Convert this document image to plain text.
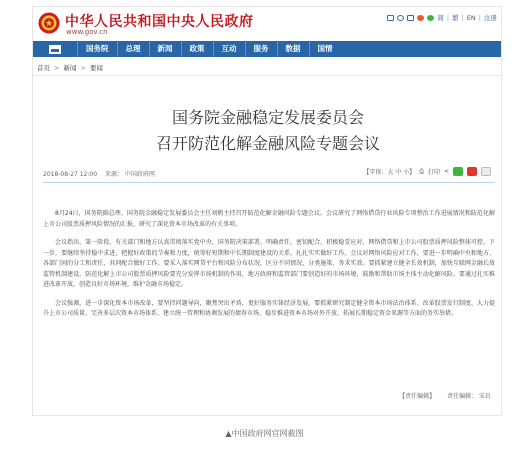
中华人民共和国中央人民政府
www.gov.cn
简 | 繁 | EN | 注册
国务院	总理	新闻	政策	互动	服务	数据	国情
首页 > 新闻 > 要闻
国务院金融稳定发展委员会
召开防范化解金融风险专题会议
2018-08-27 12:00 来源： 中国政府网	【字体：大 中 小】 ⎙ 打印 <

8月24日，国务院副总理、国务院金融稳定发展委员会主任刘鹤主持召开防范化解金融风险专题会议。会议研究了网络借贷行业风险专项整治工作进展情况和防范化解上市公司股票质押风险情况的汇报，研究了深化资本市场改革的有关事项。

会议指出，第一阶段，有关部门和地方认真贯彻落实党中央、国务院决策部署，明确责任，密切配合，积极稳妥应对，网络借贷和上市公司股票质押风险整体可控。下一步，要继续坚持稳中求进，把握好政策的节奏和力度，统筹好短期和中长期制度建设的关系，扎扎实实做好工作。会议对网络风险应对工作，要进一步明确中央和地方、各部门间的分工和责任，共同配合做好工作。要采入落实网贷平台和风险分布状况，区分不同情况，分类施策，务求实效。要抓紧建立健全长效机制，加快互联网金融长效监管机制建设。防范化解上市公司股票质押风险要充分发挥市场机制的作用，地方政府和监管部门要创造好的市场环境，鼓励和帮助市场主体主动化解风险。要通过扎实推进改革开放，创造良好市场环境，维护金融市场稳定。

会议强调，进一步深化资本市场改革，要坚持问题导向，聚焦突出矛盾，更好服务实体经济发展。要抓紧研究制定健全资本市场法治体系、改革股票发行制度、大力提升上市公司质量、完善多层次资本市场体系、建立统一管理和协调发展的债券市场、稳步推进资本市场对外开放、拓展长期稳定资金来源等方面的务实举措。

【责任编辑】 责任编辑： 宋岩
▲中国政府网官网截图
